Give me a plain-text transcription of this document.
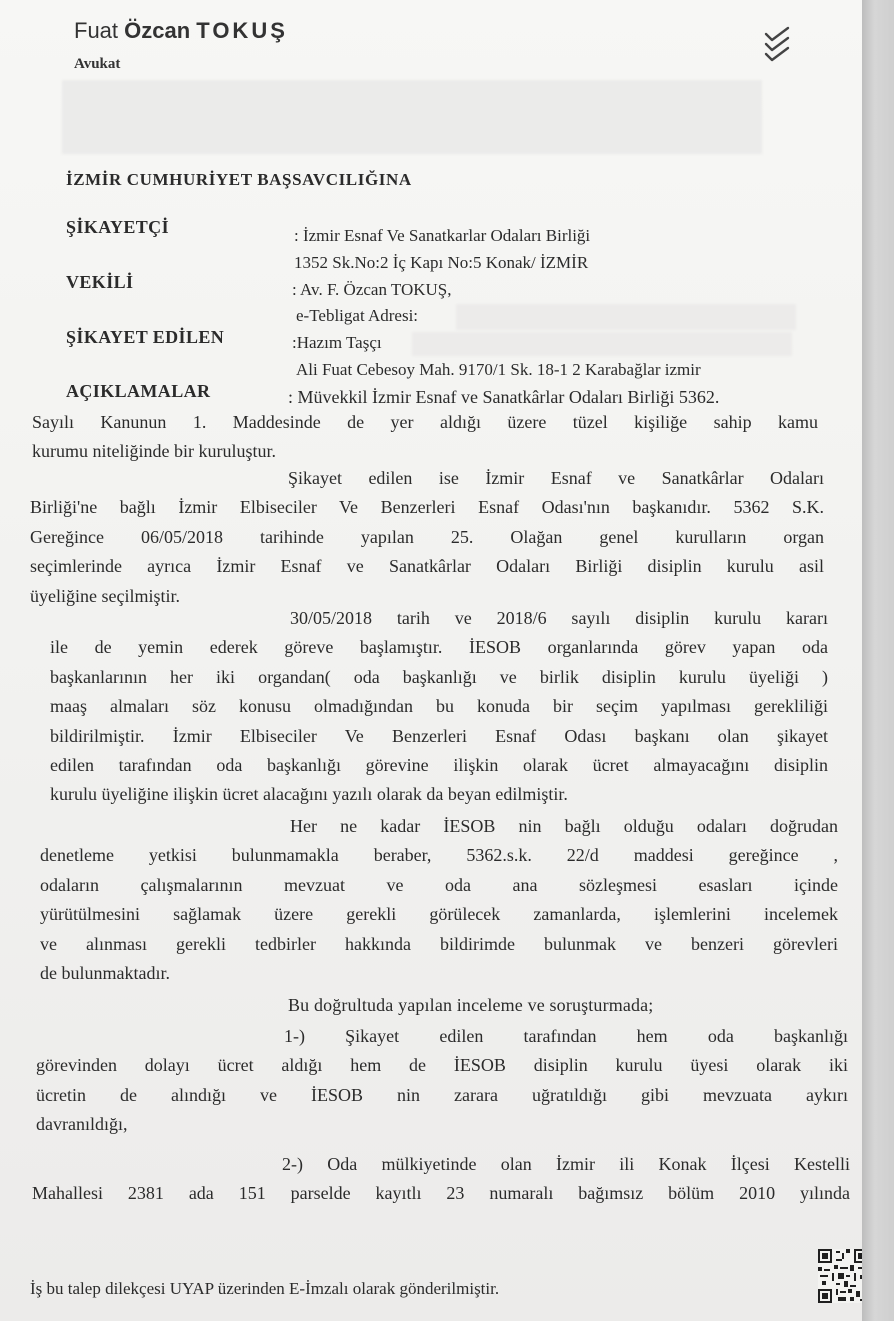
Fuat Özcan TOKUŞ
Avukat
İZMİR CUMHURİYET BAŞSAVCILIĞINA
ŞİKAYETÇİ	: İzmir Esnaf Ve Sanatkarlar Odaları Birliği
1352 Sk.No:2 İç Kapı No:5 Konak/ İZMİR
VEKİLİ	: Av. F. Özcan TOKUŞ,
e-Tebligat Adresi:
ŞİKAYET EDİLEN	:Hazım Taşçı
Ali Fuat Cebesoy Mah. 9170/1 Sk. 18-1 2 Karabağlar izmir
AÇIKLAMALAR	: Müvekkil İzmir Esnaf ve Sanatkârlar Odaları Birliği 5362.
Sayılı Kanunun 1. Maddesinde de yer aldığı üzere tüzel kişiliğe sahip kamu
kurumu niteliğinde bir kuruluştur.
Şikayet edilen ise İzmir Esnaf ve Sanatkârlar Odaları
Birliği'ne bağlı İzmir Elbiseciler Ve Benzerleri Esnaf Odası'nın başkanıdır. 5362 S.K.
Gereğince 06/05/2018 tarihinde yapılan 25. Olağan genel kurulların organ
seçimlerinde ayrıca İzmir Esnaf ve Sanatkârlar Odaları Birliği disiplin kurulu asil
üyeliğine seçilmiştir.
30/05/2018 tarih ve 2018/6 sayılı disiplin kurulu kararı
ile de yemin ederek göreve başlamıştır. İESOB organlarında görev yapan oda
başkanlarının her iki organdan( oda başkanlığı ve birlik disiplin kurulu üyeliği )
maaş almaları söz konusu olmadığından bu konuda bir seçim yapılması gerekliliği
bildirilmiştir. İzmir Elbiseciler Ve Benzerleri Esnaf Odası başkanı olan şikayet
edilen tarafından oda başkanlığı görevine ilişkin olarak ücret almayacağını disiplin
kurulu üyeliğine ilişkin ücret alacağını yazılı olarak da beyan edilmiştir.
Her ne kadar İESOB nin bağlı olduğu odaları doğrudan
denetleme yetkisi bulunmamakla beraber, 5362.s.k. 22/d maddesi gereğince ,
odaların çalışmalarının mevzuat ve oda ana sözleşmesi esasları içinde
yürütülmesini sağlamak üzere gerekli görülecek zamanlarda, işlemlerini incelemek
ve alınması gerekli tedbirler hakkında bildirimde bulunmak ve benzeri görevleri
de bulunmaktadır.
Bu doğrultuda yapılan inceleme ve soruşturmada;
1-) Şikayet edilen tarafından hem oda başkanlığı
görevinden dolayı ücret aldığı hem de İESOB disiplin kurulu üyesi olarak iki
ücretin de alındığı ve İESOB nin zarara uğratıldığı gibi mevzuata aykırı
davranıldığı,
2-) Oda mülkiyetinde olan İzmir ili Konak İlçesi Kestelli
Mahallesi 2381 ada 151 parselde kayıtlı 23 numaralı bağımsız bölüm 2010 yılında
İş bu talep dilekçesi UYAP üzerinden E-İmzalı olarak gönderilmiştir.
